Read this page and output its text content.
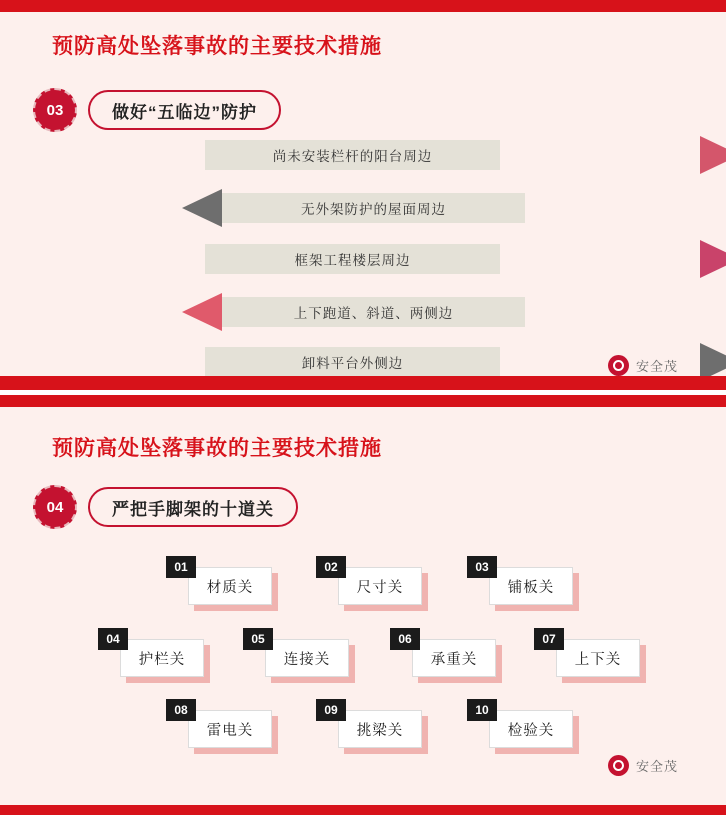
预防高处坠落事故的主要技术措施
03	做好“五临边”防护
尚未安装栏杆的阳台周边
无外架防护的屋面周边
框架工程楼层周边
上下跑道、斜道、两侧边
卸料平台外侧边	安全茂
预防高处坠落事故的主要技术措施
04	严把手脚架的十道关
材质关
01
尺寸关
02
铺板关
03
护栏关
04
连接关
05
承重关
06
上下关
07
雷电关
08
挑梁关
09
检验关
10
安全茂
